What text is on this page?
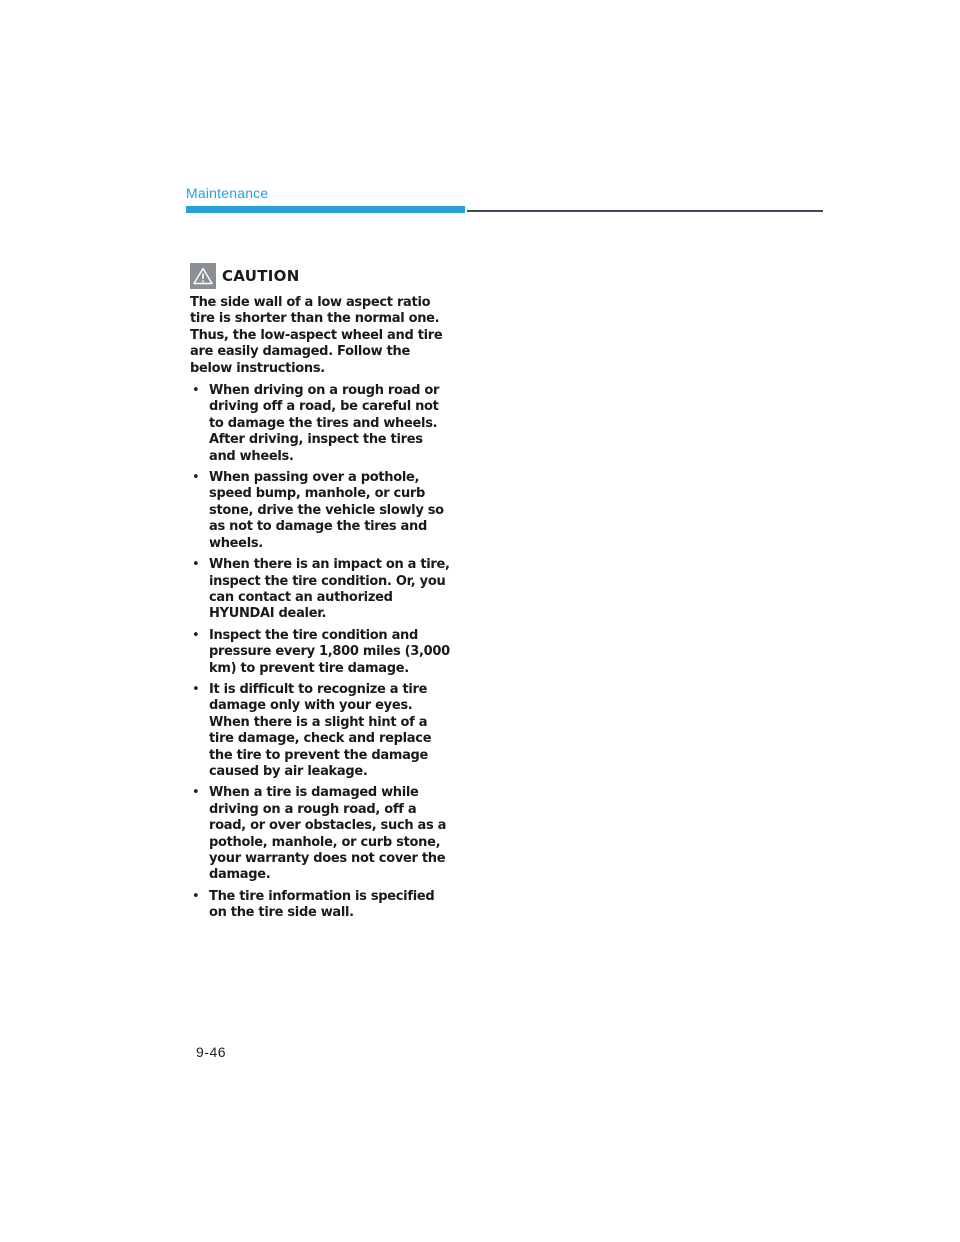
Maintenance
CAUTION

The side wall of a low aspect ratio tire is shorter than the normal one. Thus, the low-aspect wheel and tire are easily damaged. Follow the below instructions.

• When driving on a rough road or driving off a road, be careful not to damage the tires and wheels. After driving, inspect the tires and wheels.
• When passing over a pothole, speed bump, manhole, or curb stone, drive the vehicle slowly so as not to damage the tires and wheels.
• When there is an impact on a tire, inspect the tire condition. Or, you can contact an authorized HYUNDAI dealer.
• Inspect the tire condition and pressure every 1,800 miles (3,000 km) to prevent tire damage.
• It is difficult to recognize a tire damage only with your eyes. When there is a slight hint of a tire damage, check and replace the tire to prevent the damage caused by air leakage.
• When a tire is damaged while driving on a rough road, off a road, or over obstacles, such as a pothole, manhole, or curb stone, your warranty does not cover the damage.
• The tire information is specified on the tire side wall.
9-46
